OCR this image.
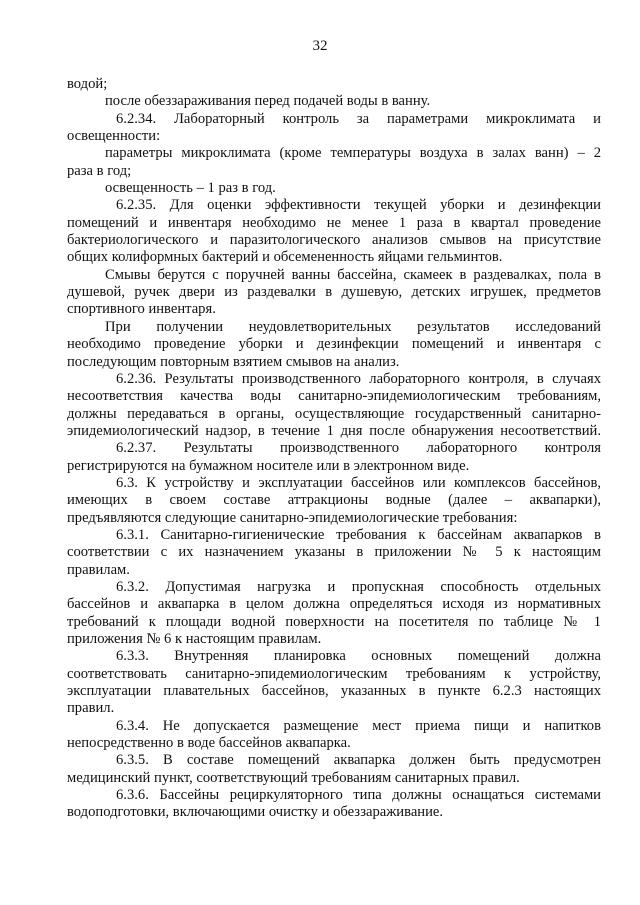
32
водой;
после обеззараживания перед подачей воды в ванну.
6.2.34. Лабораторный контроль за параметрами микроклимата и
освещенности:
параметры микроклимата (кроме температуры воздуха в залах ванн) – 2
раза в год;
освещенность – 1 раз в год.
6.2.35. Для оценки эффективности текущей уборки и дезинфекции
помещений и инвентаря необходимо не менее 1 раза в квартал проведение
бактериологического и паразитологического анализов смывов на присутствие
общих колиформных бактерий и обсемененность яйцами гельминтов.
Смывы берутся с поручней ванны бассейна, скамеек в раздевалках, пола в
душевой, ручек двери из раздевалки в душевую, детских игрушек, предметов
спортивного инвентаря.
При получении неудовлетворительных результатов исследований
необходимо проведение уборки и дезинфекции помещений и инвентаря с
последующим повторным взятием смывов на анализ.
6.2.36. Результаты производственного лабораторного контроля, в случаях
несоответствия качества воды санитарно-эпидемиологическим требованиям,
должны передаваться в органы, осуществляющие государственный санитарно-
эпидемиологический надзор, в течение 1 дня после обнаружения несоответствий.
6.2.37. Результаты производственного лабораторного контроля
регистрируются на бумажном носителе или в электронном виде.
6.3. К устройству и эксплуатации бассейнов или комплексов бассейнов,
имеющих в своем составе аттракционы водные (далее – аквапарки),
предъявляются следующие санитарно-эпидемиологические требования:
6.3.1. Санитарно-гигиенические требования к бассейнам аквапарков в
соответствии с их назначением указаны в приложении № 5 к настоящим
правилам.
6.3.2. Допустимая нагрузка и пропускная способность отдельных
бассейнов и аквапарка в целом должна определяться исходя из нормативных
требований к площади водной поверхности на посетителя по таблице № 1
приложения № 6 к настоящим правилам.
6.3.3. Внутренняя планировка основных помещений должна
соответствовать санитарно-эпидемиологическим требованиям к устройству,
эксплуатации плавательных бассейнов, указанных в пункте 6.2.3 настоящих
правил.
6.3.4. Не допускается размещение мест приема пищи и напитков
непосредственно в воде бассейнов аквапарка.
6.3.5. В составе помещений аквапарка должен быть предусмотрен
медицинский пункт, соответствующий требованиям санитарных правил.
6.3.6. Бассейны рециркуляторного типа должны оснащаться системами
водоподготовки, включающими очистку и обеззараживание.
